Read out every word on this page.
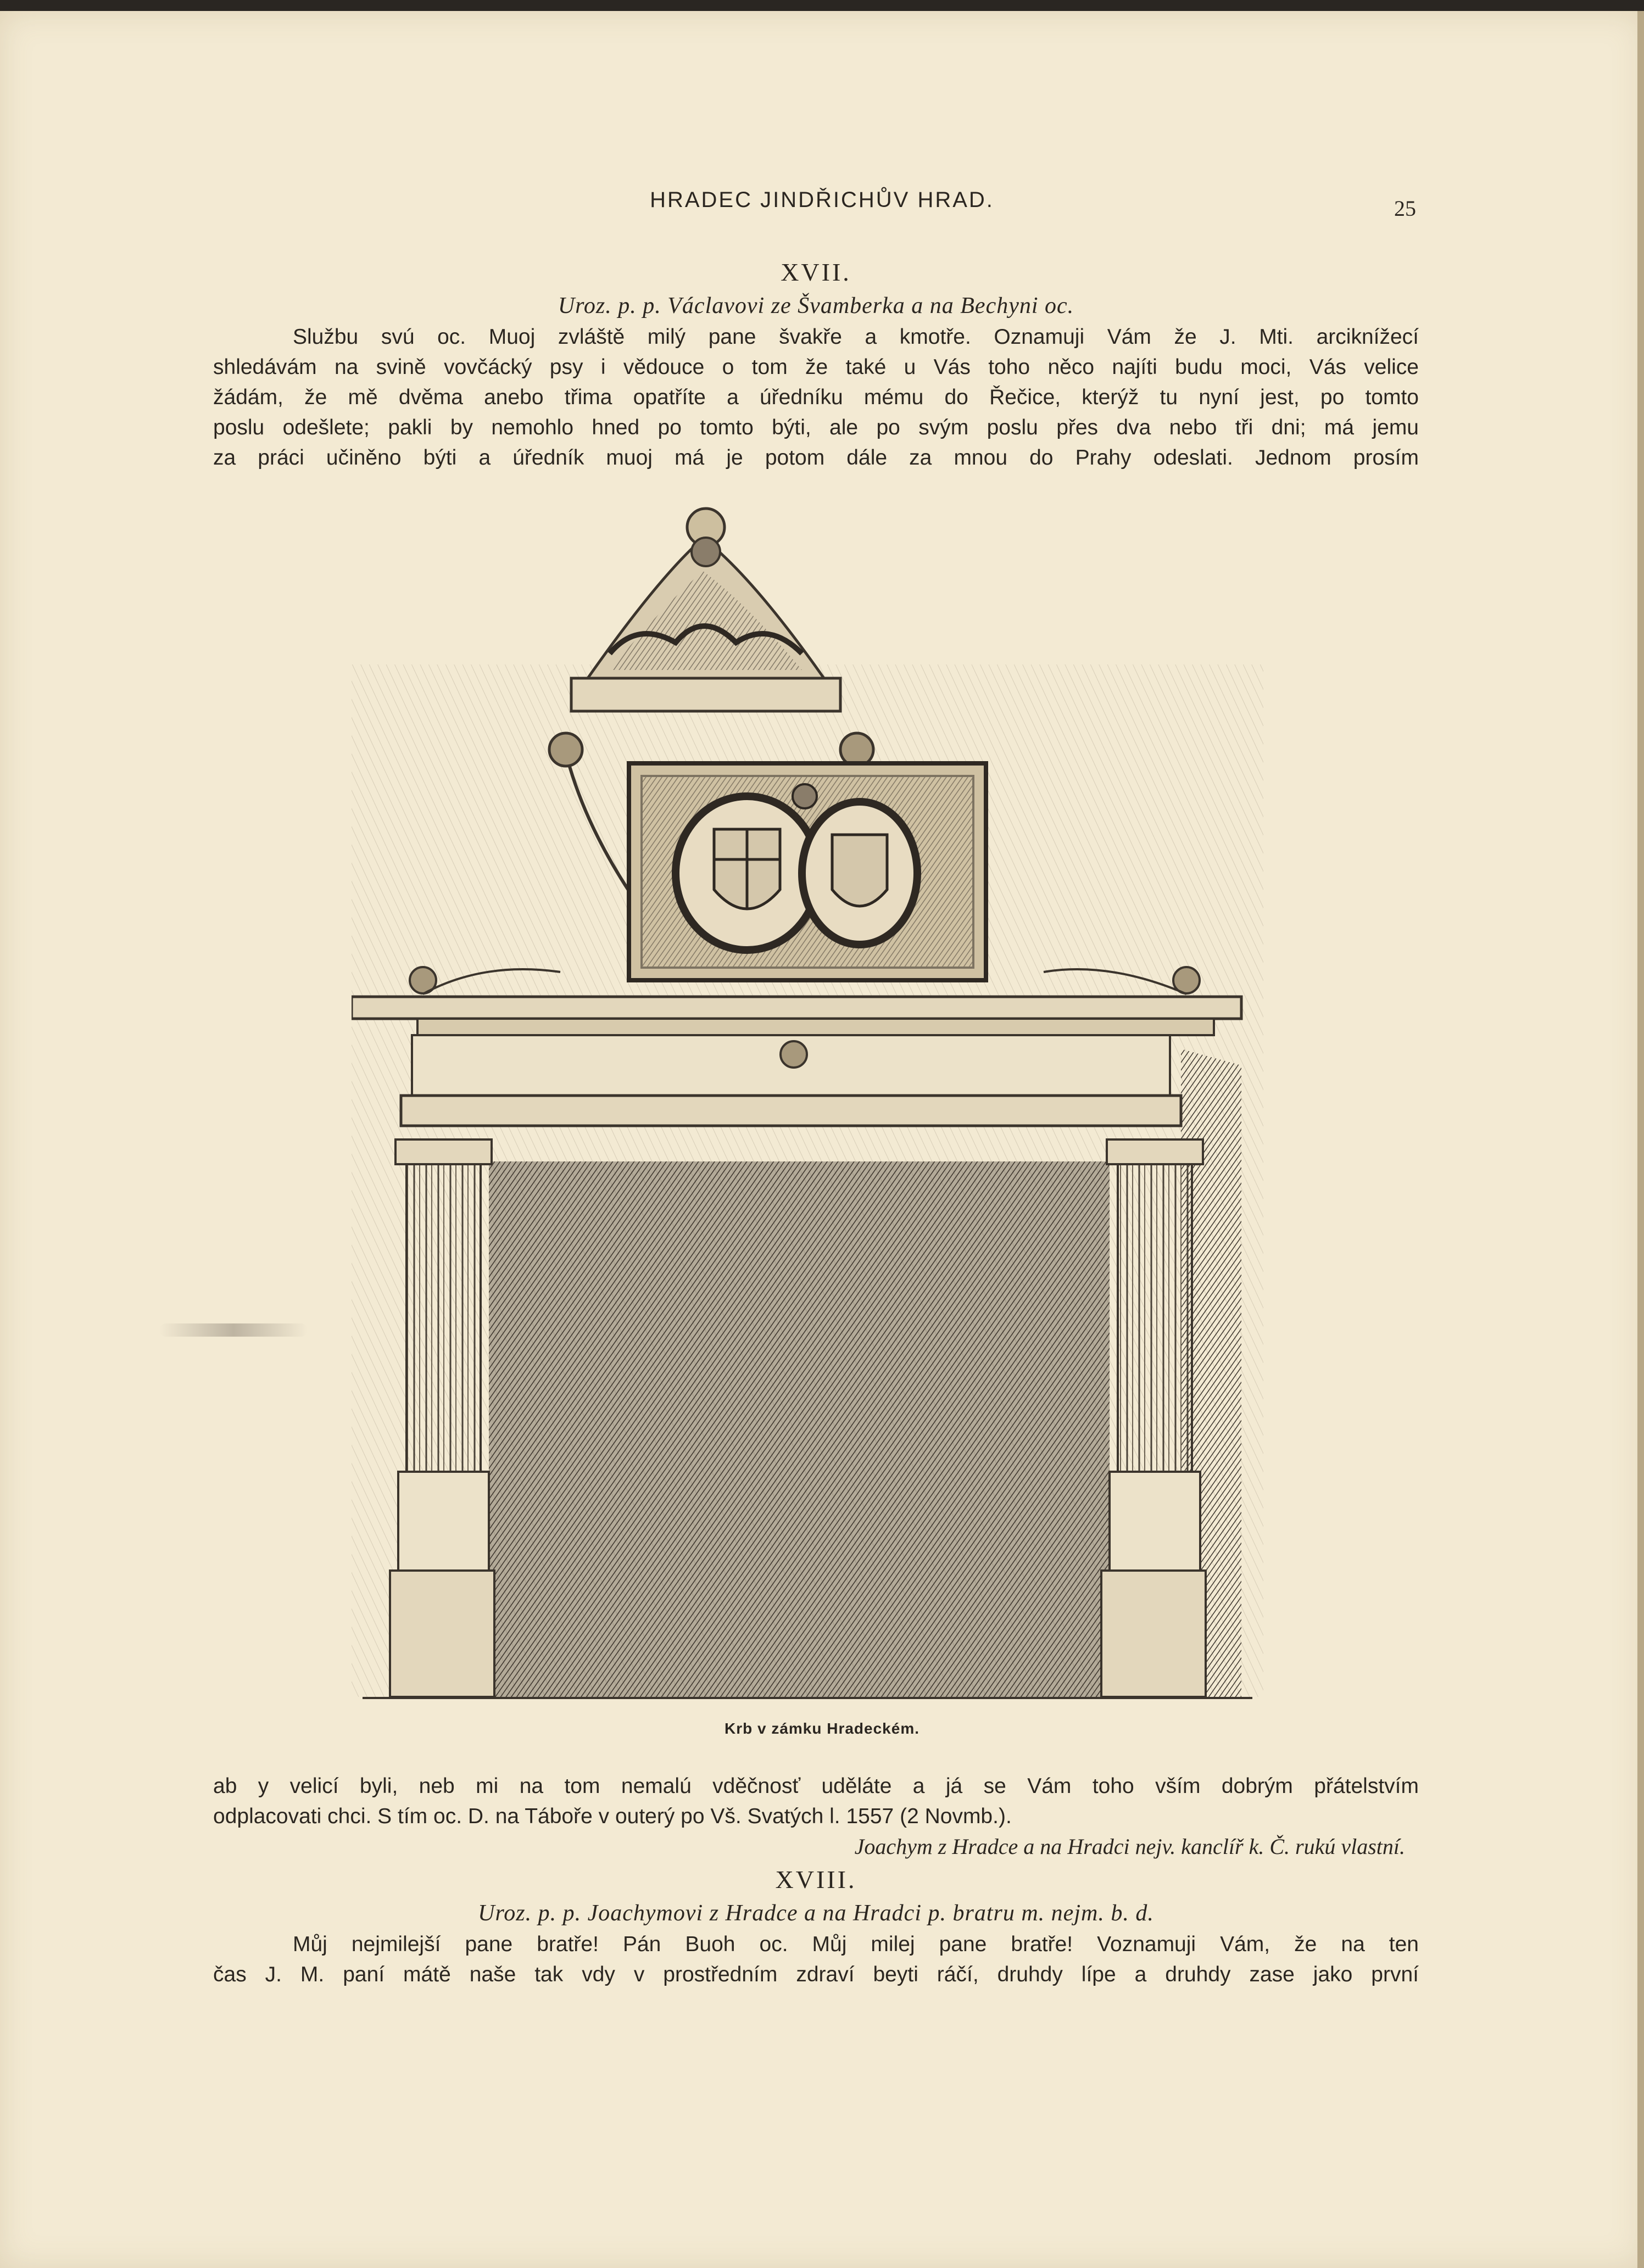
HRADEC JINDŘICHŮV HRAD.	25

XVII.

Uroz. p. p. Václavovi ze Švamberka a na Bechyni oc.

Službu svú oc. Muoj zvláště milý pane švakře a kmotře. Oznamuji Vám že J. Mti. arciknížecí

shledávám na svině vovčácký psy i vědouce o tom že také u Vás toho něco najíti budu moci, Vás velice

žádám, že mě dvěma anebo třima opatříte a úředníku mému do Řečice, kterýž tu nyní jest, po tomto

poslu odešlete; pakli by nemohlo hned po tomto býti, ale po svým poslu přes dva nebo tři dni; má jemu

za práci učiněno býti a úředník muoj má je potom dále za mnou do Prahy odeslati. Jednom prosím

Krb v zámku Hradeckém.

ab y velicí byli, neb mi na tom nemalú vděčnosť uděláte a já se Vám toho vším dobrým přátelstvím

odplacovati chci. S tím oc. D. na Táboře v outerý po Vš. Svatých l. 1557 (2 Novmb.).

Joachym z Hradce a na Hradci nejv. kanclíř k. Č. rukú vlastní.

XVIII.

Uroz. p. p. Joachymovi z Hradce a na Hradci p. bratru m. nejm. b. d.

Můj nejmilejší pane bratře! Pán Buoh oc. Můj milej pane bratře! Voznamuji Vám, že na ten

čas J. M. paní mátě naše tak vdy v prostředním zdraví beyti ráčí, druhdy lípe a druhdy zase jako první
